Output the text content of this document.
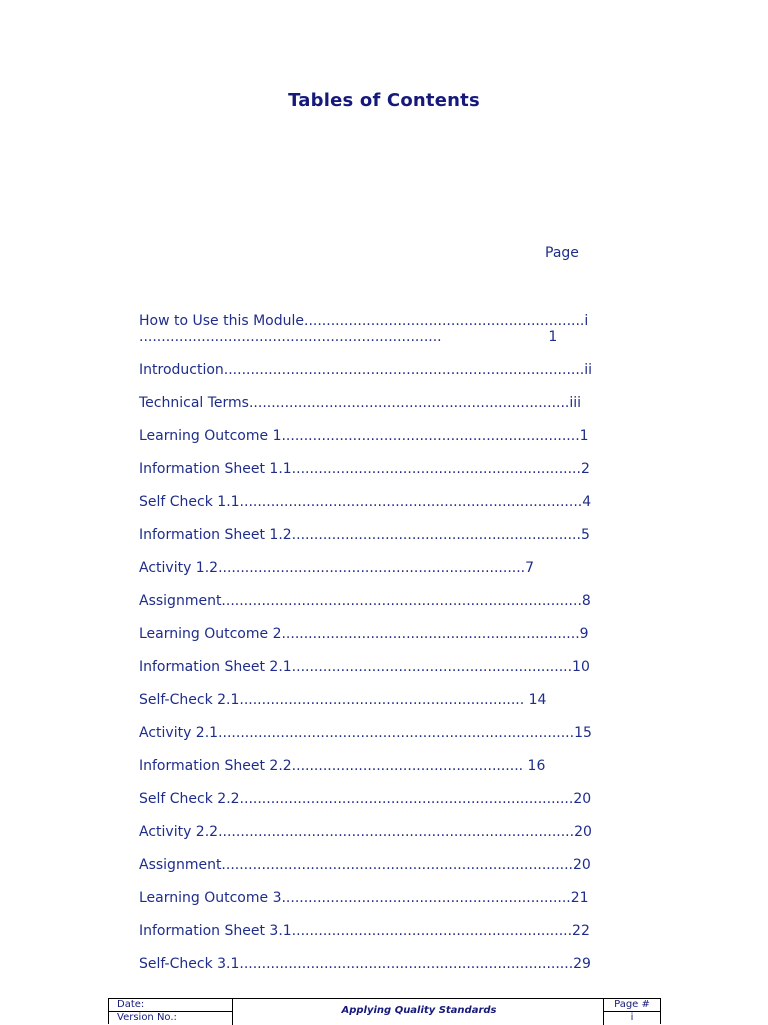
Tables of Contents
Page
How to Use this Module...............................................................i
....................................................................                        1
Introduction.................................................................................ii
Technical Terms........................................................................iii
Learning Outcome 1...................................................................1
Information Sheet 1.1.................................................................2
Self Check 1.1.............................................................................4
Information Sheet 1.2.................................................................5
Activity 1.2.....................................................................7
Assignment.................................................................................8
Learning Outcome 2...................................................................9
Information Sheet 2.1...............................................................10
Self-Check 2.1................................................................ 14
Activity 2.1................................................................................15
Information Sheet 2.2.................................................... 16
Self Check 2.2...........................................................................20
Activity 2.2................................................................................20
Assignment...............................................................................20
Learning Outcome 3.................................................................21
Information Sheet 3.1...............................................................22
Self-Check 3.1...........................................................................29
Date:
Version No.:
Applying Quality Standards
Page #
i
